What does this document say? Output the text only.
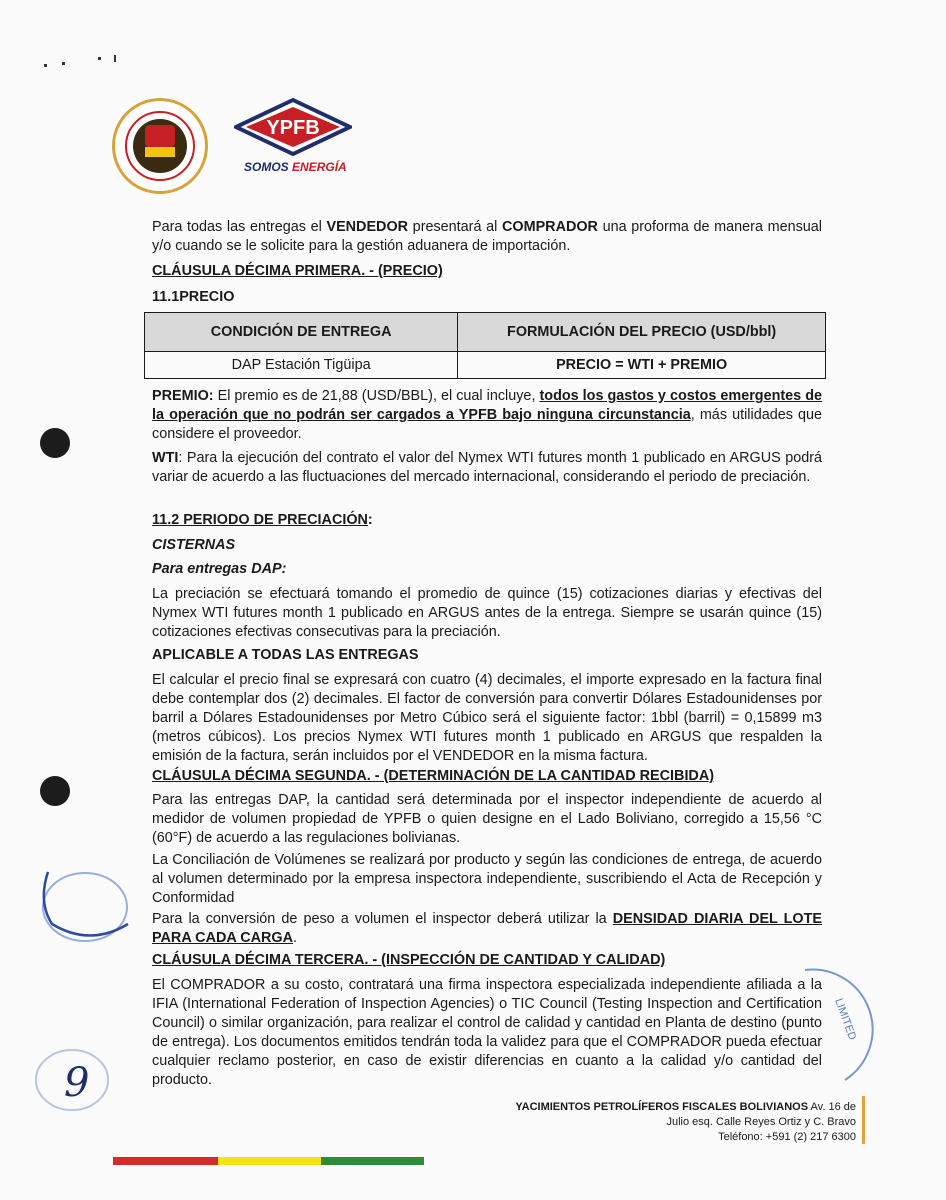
YPFB
SOMOS ENERGÍA
Para todas las entregas el VENDEDOR presentará al COMPRADOR una proforma de manera mensual y/o cuando se le solicite para la gestión aduanera de importación.
CLÁUSULA DÉCIMA PRIMERA. - (PRECIO)
11.1PRECIO
CONDICIÓN DE ENTREGA	FORMULACIÓN DEL PRECIO (USD/bbl)
DAP Estación Tigüipa	PRECIO = WTI + PREMIO
PREMIO: El premio es de 21,88 (USD/BBL), el cual incluye, todos los gastos y costos emergentes de la operación que no podrán ser cargados a YPFB bajo ninguna circunstancia, más utilidades que considere el proveedor.
WTI: Para la ejecución del contrato el valor del Nymex WTI futures month 1 publicado en ARGUS podrá variar de acuerdo a las fluctuaciones del mercado internacional, considerando el periodo de preciación.
11.2 PERIODO DE PRECIACIÓN:
CISTERNAS
Para entregas DAP:
La preciación se efectuará tomando el promedio de quince (15) cotizaciones diarias y efectivas del Nymex WTI futures month 1 publicado en ARGUS antes de la entrega. Siempre se usarán quince (15) cotizaciones efectivas consecutivas para la preciación.
APLICABLE A TODAS LAS ENTREGAS
El calcular el precio final se expresará con cuatro (4) decimales, el importe expresado en la factura final debe contemplar dos (2) decimales. El factor de conversión para convertir Dólares Estadounidenses por barril a Dólares Estadounidenses por Metro Cúbico será el siguiente factor: 1bbl (barril) = 0,15899 m3 (metros cúbicos). Los precios Nymex WTI futures month 1 publicado en ARGUS que respalden la emisión de la factura, serán incluidos por el VENDEDOR en la misma factura.
CLÁUSULA DÉCIMA SEGUNDA. - (DETERMINACIÓN DE LA CANTIDAD RECIBIDA)
Para las entregas DAP, la cantidad será determinada por el inspector independiente de acuerdo al medidor de volumen propiedad de YPFB o quien designe en el Lado Boliviano, corregido a 15,56 °C (60°F) de acuerdo a las regulaciones bolivianas.
La Conciliación de Volúmenes se realizará por producto y según las condiciones de entrega, de acuerdo al volumen determinado por la empresa inspectora independiente, suscribiendo el Acta de Recepción y Conformidad
Para la conversión de peso a volumen el inspector deberá utilizar la DENSIDAD DIARIA DEL LOTE PARA CADA CARGA.
CLÁUSULA DÉCIMA TERCERA. - (INSPECCIÓN DE CANTIDAD Y CALIDAD)
El COMPRADOR a su costo, contratará una firma inspectora especializada independiente afiliada a la IFIA (International Federation of Inspection Agencies) o TIC Council (Testing Inspection and Certification Council) o similar organización, para realizar el control de calidad y cantidad en Planta de destino (punto de entrega). Los documentos emitidos tendrán toda la validez para que el COMPRADOR pueda efectuar cualquier reclamo posterior, en caso de existir diferencias en cuanto a la calidad y/o cantidad del producto.
LIMITED
9
YACIMIENTOS PETROLÍFEROS FISCALES BOLIVIANOS Av. 16 de
Julio esq. Calle Reyes Ortiz y C. Bravo
Teléfono: +591 (2) 217 6300
